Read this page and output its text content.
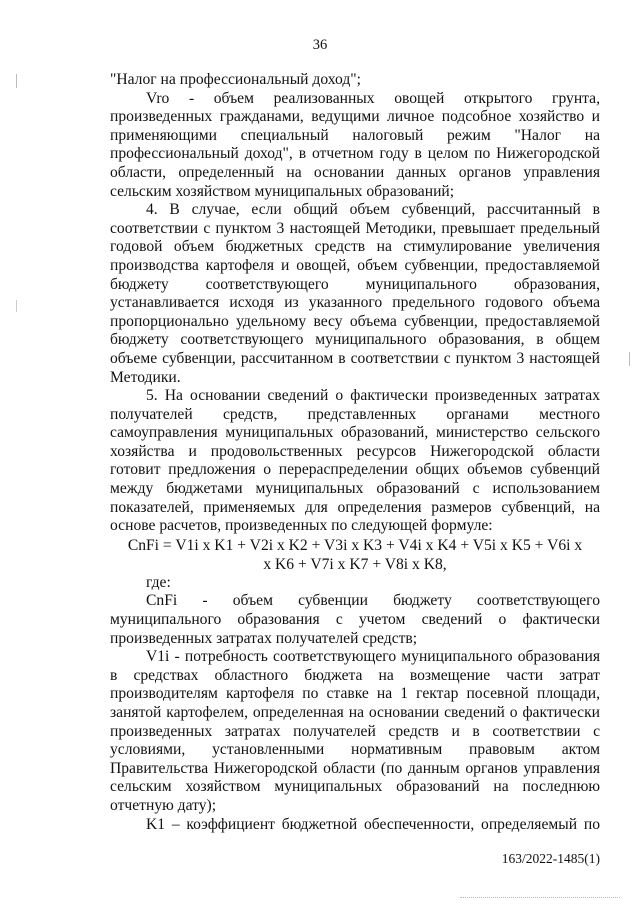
36

"Налог на профессиональный доход";

Vro - объем реализованных овощей открытого грунта, произведенных гражданами, ведущими личное подсобное хозяйство и применяющими специальный налоговый режим "Налог на профессиональный доход", в отчетном году в целом по Нижегородской области, определенный на основании данных органов управления сельским хозяйством муниципальных образований;

4. В случае, если общий объем субвенций, рассчитанный в соответствии с пунктом 3 настоящей Методики, превышает предельный годовой объем бюджетных средств на стимулирование увеличения производства картофеля и овощей, объем субвенции, предоставляемой бюджету соответствующего муниципального образования, устанавливается исходя из указанного предельного годового объема пропорционально удельному весу объема субвенции, предоставляемой бюджету соответствующего муниципального образования, в общем объеме субвенции, рассчитанном в соответствии с пунктом 3 настоящей Методики.

5. На основании сведений о фактически произведенных затратах получателей средств, представленных органами местного самоуправления муниципальных образований, министерство сельского хозяйства и продовольственных ресурсов Нижегородской области готовит предложения о перераспределении общих объемов субвенций между бюджетами муниципальных образований с использованием показателей, применяемых для определения размеров субвенций, на основе расчетов, произведенных по следующей формуле:

CnFi = V1i x K1 + V2i x K2 + V3i x K3 + V4i x K4 + V5i x K5 + V6i x
x K6 + V7i x K7 + V8i x K8,

где:

CnFi - объем субвенции бюджету соответствующего муниципального образования с учетом сведений о фактически произведенных затратах получателей средств;

V1i - потребность соответствующего муниципального образования в средствах областного бюджета на возмещение части затрат производителям картофеля по ставке на 1 гектар посевной площади, занятой картофелем, определенная на основании сведений о фактически произведенных затратах получателей средств и в соответствии с условиями, установленными нормативным правовым актом Правительства Нижегородской области (по данным органов управления сельским хозяйством муниципальных образований на последнюю отчетную дату);

K1 – коэффициент бюджетной обеспеченности, определяемый по

163/2022-1485(1)
